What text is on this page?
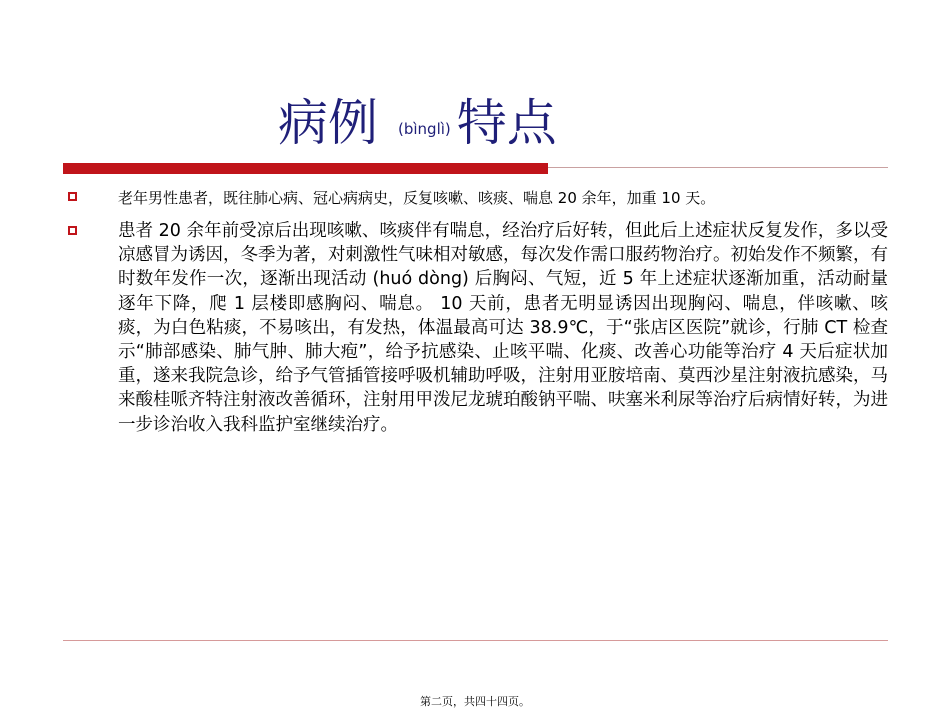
病例 (bìnglì) 特点
老年男性患者，既往肺心病、冠心病病史，反复咳嗽、咳痰、喘息 20 余年，加重 10 天。
患者 20 余年前受凉后出现咳嗽、咳痰伴有喘息，经治疗后好转，但此后上述症状反复发作，多以受凉感冒为诱因，冬季为著，对刺激性气味相对敏感，每次发作需口服药物治疗。初始发作不频繁，有时数年发作一次，逐渐出现活动 (huó dòng) 后胸闷、气短，近 5 年上述症状逐渐加重，活动耐量逐年下降，爬 1 层楼即感胸闷、喘息。 10 天前，患者无明显诱因出现胸闷、喘息，伴咳嗽、咳痰，为白色粘痰，不易咳出，有发热，体温最高可达 38.9℃，于“张店区医院”就诊，行肺 CT 检查示“肺部感染、肺气肿、肺大疱”，给予抗感染、止咳平喘、化痰、改善心功能等治疗 4 天后症状加重，遂来我院急诊，给予气管插管接呼吸机辅助呼吸，注射用亚胺培南、莫西沙星注射液抗感染，马来酸桂哌齐特注射液改善循环，注射用甲泼尼龙琥珀酸钠平喘、呋塞米利尿等治疗后病情好转，为进一步诊治收入我科监护室继续治疗。
第二页，共四十四页。
